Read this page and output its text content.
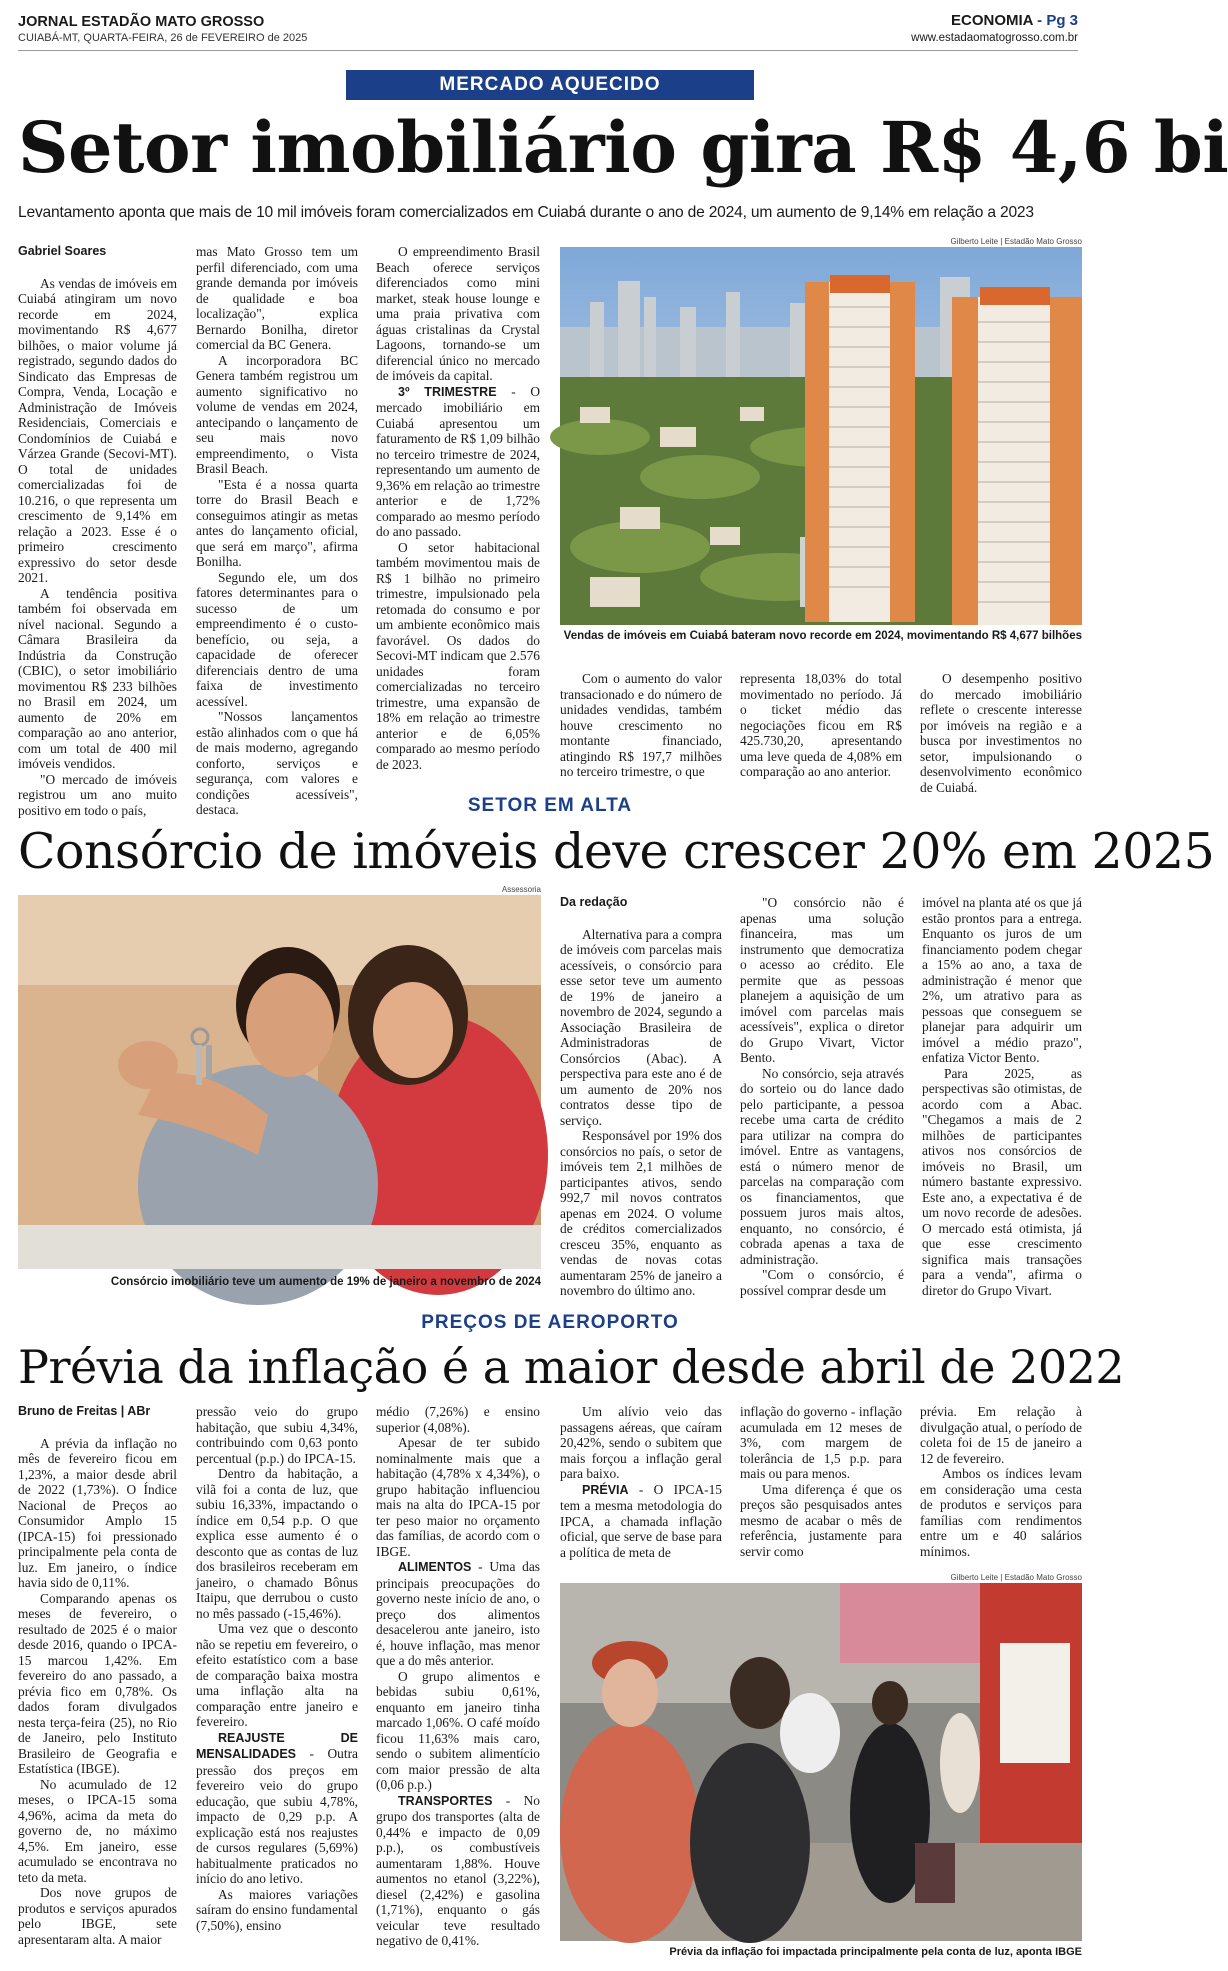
JORNAL ESTADÃO MATO GROSSO
CUIABÁ-MT, QUARTA-FEIRA, 26 de FEVEREIRO de 2025
ECONOMIA - Pg 3
www.estadaomatogrosso.com.br
MERCADO AQUECIDO
Setor imobiliário gira R$ 4,6 bi
Levantamento aponta que mais de 10 mil imóveis foram comercializados em Cuiabá durante o ano de 2024, um aumento de 9,14% em relação a 2023

Gabriel Soares

As vendas de imóveis em Cuiabá atingiram um novo recorde em 2024, movimentando R$ 4,677 bilhões, o maior volume já registrado, segundo dados do Sindicato das Empresas de Compra, Venda, Locação e Administração de Imóveis Residenciais, Comerciais e Condomínios de Cuiabá e Várzea Grande (Secovi-MT). O total de unidades comercializadas foi de 10.216, o que representa um crescimento de 9,14% em relação a 2023. Esse é o primeiro crescimento expressivo do setor desde 2021.

A tendência positiva também foi observada em nível nacional. Segundo a Câmara Brasileira da Indústria da Construção (CBIC), o setor imobiliário movimentou R$ 233 bilhões no Brasil em 2024, um aumento de 20% em comparação ao ano anterior, com um total de 400 mil imóveis vendidos.

"O mercado de imóveis registrou um ano muito positivo em todo o país,

mas Mato Grosso tem um perfil diferenciado, com uma grande demanda por imóveis de qualidade e boa localização", explica Bernardo Bonilha, diretor comercial da BC Genera.

A incorporadora BC Genera também registrou um aumento significativo no volume de vendas em 2024, antecipando o lançamento de seu mais novo empreendimento, o Vista Brasil Beach.

"Esta é a nossa quarta torre do Brasil Beach e conseguimos atingir as metas antes do lançamento oficial, que será em março", afirma Bonilha.

Segundo ele, um dos fatores determinantes para o sucesso de um empreendimento é o custo-benefício, ou seja, a capacidade de oferecer diferenciais dentro de uma faixa de investimento acessível.

"Nossos lançamentos estão alinhados com o que há de mais moderno, agregando conforto, serviços e segurança, com valores e condições acessíveis", destaca.

O empreendimento Brasil Beach oferece serviços diferenciados como mini market, steak house lounge e uma praia privativa com águas cristalinas da Crystal Lagoons, tornando-se um diferencial único no mercado de imóveis da capital.

3º TRIMESTRE - O mercado imobiliário em Cuiabá apresentou um faturamento de R$ 1,09 bilhão no terceiro trimestre de 2024, representando um aumento de 9,36% em relação ao trimestre anterior e de 1,72% comparado ao mesmo período do ano passado.

O setor habitacional também movimentou mais de R$ 1 bilhão no primeiro trimestre, impulsionado pela retomada do consumo e por um ambiente econômico mais favorável. Os dados do Secovi-MT indicam que 2.576 unidades foram comercializadas no terceiro trimestre, uma expansão de 18% em relação ao trimestre anterior e de 6,05% comparado ao mesmo período de 2023.

Gilberto Leite | Estadão Mato Grosso
Vendas de imóveis em Cuiabá bateram novo recorde em 2024, movimentando R$ 4,677 bilhões

Com o aumento do valor transacionado e do número de unidades vendidas, também houve crescimento no montante financiado, atingindo R$ 197,7 milhões no terceiro trimestre, o que

representa 18,03% do total movimentado no período. Já o ticket médio das negociações ficou em R$ 425.730,20, apresentando uma leve queda de 4,08% em comparação ao ano anterior.

O desempenho positivo do mercado imobiliário reflete o crescente interesse por imóveis na região e a busca por investimentos no setor, impulsionando o desenvolvimento econômico de Cuiabá.

SETOR EM ALTA
Consórcio de imóveis deve crescer 20% em 2025
Assessoria
Consórcio imobiliário teve um aumento de 19% de janeiro a novembro de 2024

Da redação

Alternativa para a compra de imóveis com parcelas mais acessíveis, o consórcio para esse setor teve um aumento de 19% de janeiro a novembro de 2024, segundo a Associação Brasileira de Administradoras de Consórcios (Abac). A perspectiva para este ano é de um aumento de 20% nos contratos desse tipo de serviço.

Responsável por 19% dos consórcios no país, o setor de imóveis tem 2,1 milhões de participantes ativos, sendo 992,7 mil novos contratos apenas em 2024. O volume de créditos comercializados cresceu 35%, enquanto as vendas de novas cotas aumentaram 25% de janeiro a novembro do último ano.

"O consórcio não é apenas uma solução financeira, mas um instrumento que democratiza o acesso ao crédito. Ele permite que as pessoas planejem a aquisição de um imóvel com parcelas mais acessíveis", explica o diretor do Grupo Vivart, Victor Bento.

No consórcio, seja através do sorteio ou do lance dado pelo participante, a pessoa recebe uma carta de crédito para utilizar na compra do imóvel. Entre as vantagens, está o número menor de parcelas na comparação com os financiamentos, que possuem juros mais altos, enquanto, no consórcio, é cobrada apenas a taxa de administração.

"Com o consórcio, é possível comprar desde um

imóvel na planta até os que já estão prontos para a entrega. Enquanto os juros de um financiamento podem chegar a 15% ao ano, a taxa de administração é menor que 2%, um atrativo para as pessoas que conseguem se planejar para adquirir um imóvel a médio prazo", enfatiza Victor Bento.

Para 2025, as perspectivas são otimistas, de acordo com a Abac. "Chegamos a mais de 2 milhões de participantes ativos nos consórcios de imóveis no Brasil, um número bastante expressivo. Este ano, a expectativa é de um novo recorde de adesões. O mercado está otimista, já que esse crescimento significa mais transações para a venda", afirma o diretor do Grupo Vivart.

PREÇOS DE AEROPORTO
Prévia da inflação é a maior desde abril de 2022

Bruno de Freitas | ABr

A prévia da inflação no mês de fevereiro ficou em 1,23%, a maior desde abril de 2022 (1,73%). O Índice Nacional de Preços ao Consumidor Amplo 15 (IPCA-15) foi pressionado principalmente pela conta de luz. Em janeiro, o índice havia sido de 0,11%.

Comparando apenas os meses de fevereiro, o resultado de 2025 é o maior desde 2016, quando o IPCA-15 marcou 1,42%. Em fevereiro do ano passado, a prévia fico em 0,78%. Os dados foram divulgados nesta terça-feira (25), no Rio de Janeiro, pelo Instituto Brasileiro de Geografia e Estatística (IBGE).

No acumulado de 12 meses, o IPCA-15 soma 4,96%, acima da meta do governo de, no máximo 4,5%. Em janeiro, esse acumulado se encontrava no teto da meta.

Dos nove grupos de produtos e serviços apurados pelo IBGE, sete apresentaram alta. A maior

pressão veio do grupo habitação, que subiu 4,34%, contribuindo com 0,63 ponto percentual (p.p.) do IPCA-15.

Dentro da habitação, a vilã foi a conta de luz, que subiu 16,33%, impactando o índice em 0,54 p.p. O que explica esse aumento é o desconto que as contas de luz dos brasileiros receberam em janeiro, o chamado Bônus Itaipu, que derrubou o custo no mês passado (-15,46%).

Uma vez que o desconto não se repetiu em fevereiro, o efeito estatístico com a base de comparação baixa mostra uma inflação alta na comparação entre janeiro e fevereiro.

REAJUSTE DE MENSALIDADES - Outra pressão dos preços em fevereiro veio do grupo educação, que subiu 4,78%, impacto de 0,29 p.p. A explicação está nos reajustes de cursos regulares (5,69%) habitualmente praticados no início do ano letivo.

As maiores variações saíram do ensino fundamental (7,50%), ensino

médio (7,26%) e ensino superior (4,08%).

Apesar de ter subido nominalmente mais que a habitação (4,78% x 4,34%), o grupo habitação influenciou mais na alta do IPCA-15 por ter peso maior no orçamento das famílias, de acordo com o IBGE.

ALIMENTOS - Uma das principais preocupações do governo neste início de ano, o preço dos alimentos desacelerou ante janeiro, isto é, houve inflação, mas menor que a do mês anterior.

O grupo alimentos e bebidas subiu 0,61%, enquanto em janeiro tinha marcado 1,06%. O café moído ficou 11,63% mais caro, sendo o subitem alimentício com maior pressão de alta (0,06 p.p.)

TRANSPORTES - No grupo dos transportes (alta de 0,44% e impacto de 0,09 p.p.), os combustíveis aumentaram 1,88%. Houve aumentos no etanol (3,22%), diesel (2,42%) e gasolina (1,71%), enquanto o gás veicular teve resultado negativo de 0,41%.

Um alívio veio das passagens aéreas, que caíram 20,42%, sendo o subitem que mais forçou a inflação geral para baixo.

PRÉVIA - O IPCA-15 tem a mesma metodologia do IPCA, a chamada inflação oficial, que serve de base para a política de meta de

inflação do governo - inflação acumulada em 12 meses de 3%, com margem de tolerância de 1,5 p.p. para mais ou para menos.

Uma diferença é que os preços são pesquisados antes mesmo de acabar o mês de referência, justamente para servir como

prévia. Em relação à divulgação atual, o período de coleta foi de 15 de janeiro a 12 de fevereiro.

Ambos os índices levam em consideração uma cesta de produtos e serviços para famílias com rendimentos entre um e 40 salários mínimos.

Gilberto Leite | Estadão Mato Grosso
Prévia da inflação foi impactada principalmente pela conta de luz, aponta IBGE
